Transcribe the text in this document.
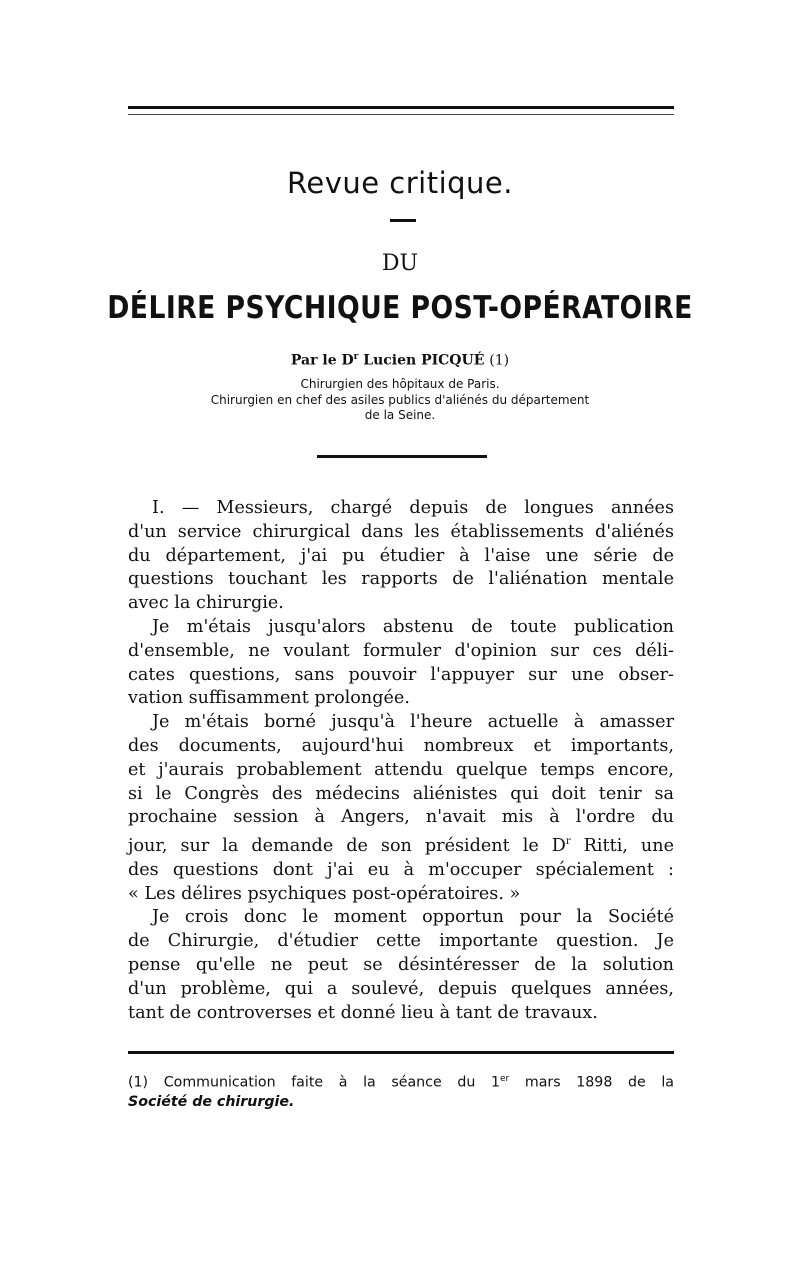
Revue critique.
DU
DÉLIRE PSYCHIQUE POST-OPÉRATOIRE
Par le $D^r$ Lucien PICQUÉ (1)
Chirurgien des hôpitaux de Paris.
Chirurgien en chef des asiles publics d'aliénés du département
de la Seine.
I. — Messieurs, chargé depuis de longues années
d'un service chirurgical dans les établissements d'aliénés
du département, j'ai pu étudier à l'aise une série de
questions touchant les rapports de l'aliénation mentale
avec la chirurgie.
Je m'étais jusqu'alors abstenu de toute publication
d'ensemble, ne voulant formuler d'opinion sur ces déli-
cates questions, sans pouvoir l'appuyer sur une obser-
vation suffisamment prolongée.
Je m'étais borné jusqu'à l'heure actuelle à amasser
des documents, aujourd'hui nombreux et importants,
et j'aurais probablement attendu quelque temps encore,
si le Congrès des médecins aliénistes qui doit tenir sa
prochaine session à Angers, n'avait mis à l'ordre du
jour, sur la demande de son président le $D^r$ Ritti, une
des questions dont j'ai eu à m'occuper spécialement :
« Les délires psychiques post-opératoires. »
Je crois donc le moment opportun pour la Société
de Chirurgie, d'étudier cette importante question. Je
pense qu'elle ne peut se désintéresser de la solution
d'un problème, qui a soulevé, depuis quelques années,
tant de controverses et donné lieu à tant de travaux.
(1) Communication faite à la séance du 1er mars 1898 de la
Société de chirurgie.
